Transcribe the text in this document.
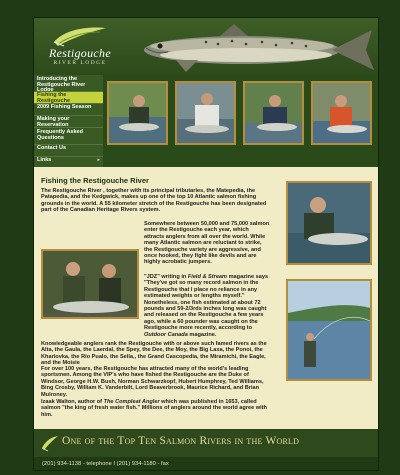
Restigouche
RIVER LODGE
Introducing the Restigouche River Lodge
Fishing the Restigouche
2009 Fishing Season
Making your Reservation
Frequently Asked Questions
Contact Us
Links	▸
Fishing the Restigouche River
The Restigouche River , together with its principal tributaries, the Matepedia, the Patapedia, and the Kedgwick, makes up one of the top 10 Atlantic salmon fishing grounds in the world. A 55 kilometer stretch of the Restigouche has been designated part of the Canadian Heritage Rivers system.
Somewhere between 50,000 and 75,000 salmon enter the Restigouche each year, which attracts anglers from all over the world. While many Atlantic salmon are reluctant to strike, the Restigouche variety are aggressive, and once hooked, they fight like devils and are highly acrobatic jumpers.
"JDZ" writing in Field & Stream magazine says "They've got so many record salmon in the Restigouche that I place no reliance in any estimated weights or lengths myself." Nonetheless, one fish estimated at about 72 pounds and 59-2/3rds inches long was caught and released on the Restigouche a few years ago, while a 60 pounder was caught on the Restigouche more recently, according to Outdoor Canada magazine.
Knowledgeable anglers rank the Restigouche with or above such famed rivers as the Alta, the Gaula, the Laerdal, the Spey, the Dee, the Moy, the Big Laxa, the Ponoi, the Kharlovka, the Rio Pualo, the Sella,, the Grand Cascopedia, the Miramichi, the Eagle, and the Moisie
For over 100 years, the Restigouche has attracted many of the world's leading sportsmen. Among the VIP's who have fished the Restigouche are the Duke of Windsor, George H.W. Bush, Norman Schwarzkopf, Hubert Humphrey, Ted Williams, Bing Crosby, William K. Vanderbilt, Lord Beaverbrook, Maurice Richard, and Brian Mulroney.
Izaak Walton, author of The Compleat Angler which was published in 1653, called salmon "the king of fresh water fish." Millions of anglers around the world agree with him.
One of the Top Ten Salmon Rivers in the World
(201) 934-1138 - telephone I (201) 934-1180 - fax
